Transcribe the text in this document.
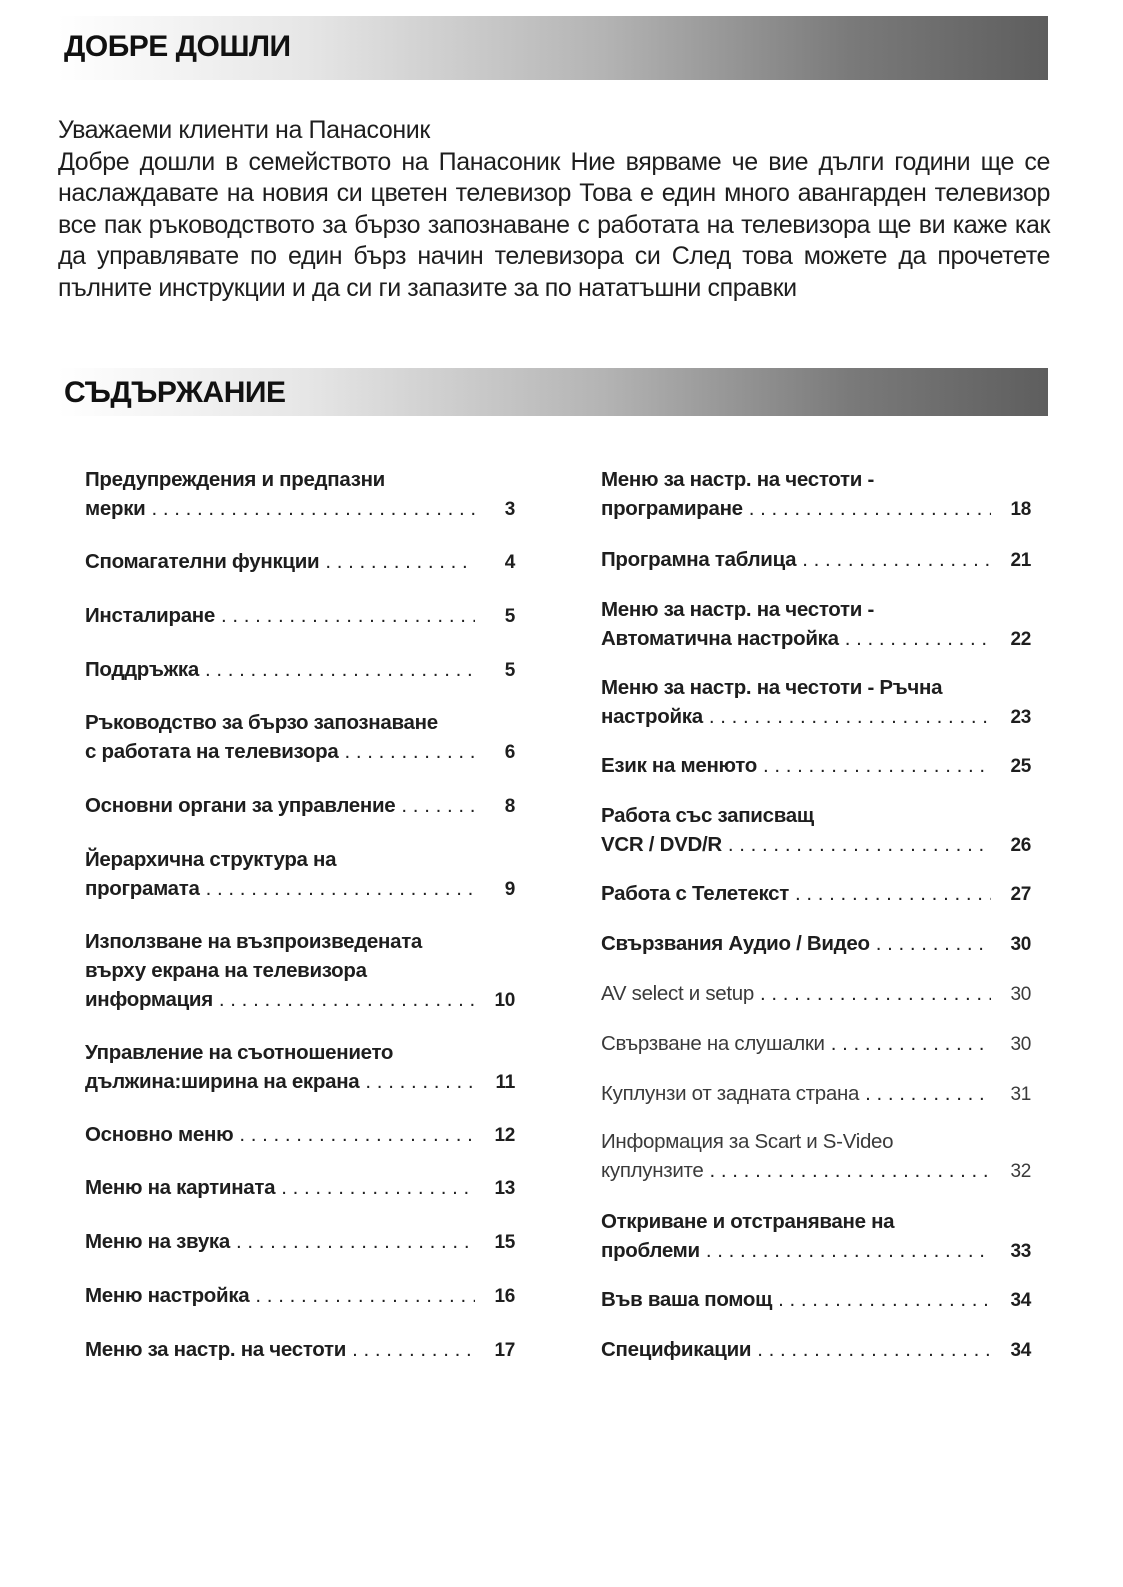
ДОБРЕ ДОШЛИ

Уважаеми клиенти на Панасоник

Добре дошли в семейството на Панасоник Ние вярваме че вие дълги години ще се наслаждавате на новия си цветен телевизор Това е един много авангарден телевизор все пак ръководството за бързо запознаване с работата на телевизора ще ви каже как да управлявате по един бърз начин телевизора си След това можете да прочетете пълните инструкции и да си ги запазите за по нататъшни справки

СЪДЪРЖАНИЕ
Предупреждения и предпазни
мерки . . .	3
Спомагателни функции . . .	4
Инсталиране . . .	5
Поддръжка . . .	5
Ръководство за бързо запознаване
с работата на телевизора . . .	6
Основни органи за управление . . .	8
Йерархична структура на
програмата . . .	9
Използване на възпроизведената
върху екрана на телевизора
информация . . .	10
Управление на съотношението
дължина:ширина на екрана . . .	11
Основно меню . . .	12
Меню на картината . . .	13
Меню на звука . . .	15
Меню настройка . . .	16
Меню за настр. на честоти . . .	17
Меню за настр. на честоти -
програмиране . . .	18
Програмна таблица . . .	21
Меню за настр. на честоти -
Автоматична настройка . . .	22
Меню за настр. на честоти - Ръчна
настройка . . .	23
Език на менюто . . .	25
Работа със записващ
VCR / DVD/R . . .	26
Работа с Телетекст . . .	27
Свързвания Аудио / Видео . . .	30
AV select и setup . . .	30
Свързване на слушалки . . .	30
Куплунзи от задната страна . . .	31
Информация за Scart и S-Video
куплунзите . . .	32
Откриване и отстраняване на
проблеми . . .	33
Във ваша помощ . . .	34
Спецификации . . .	34
